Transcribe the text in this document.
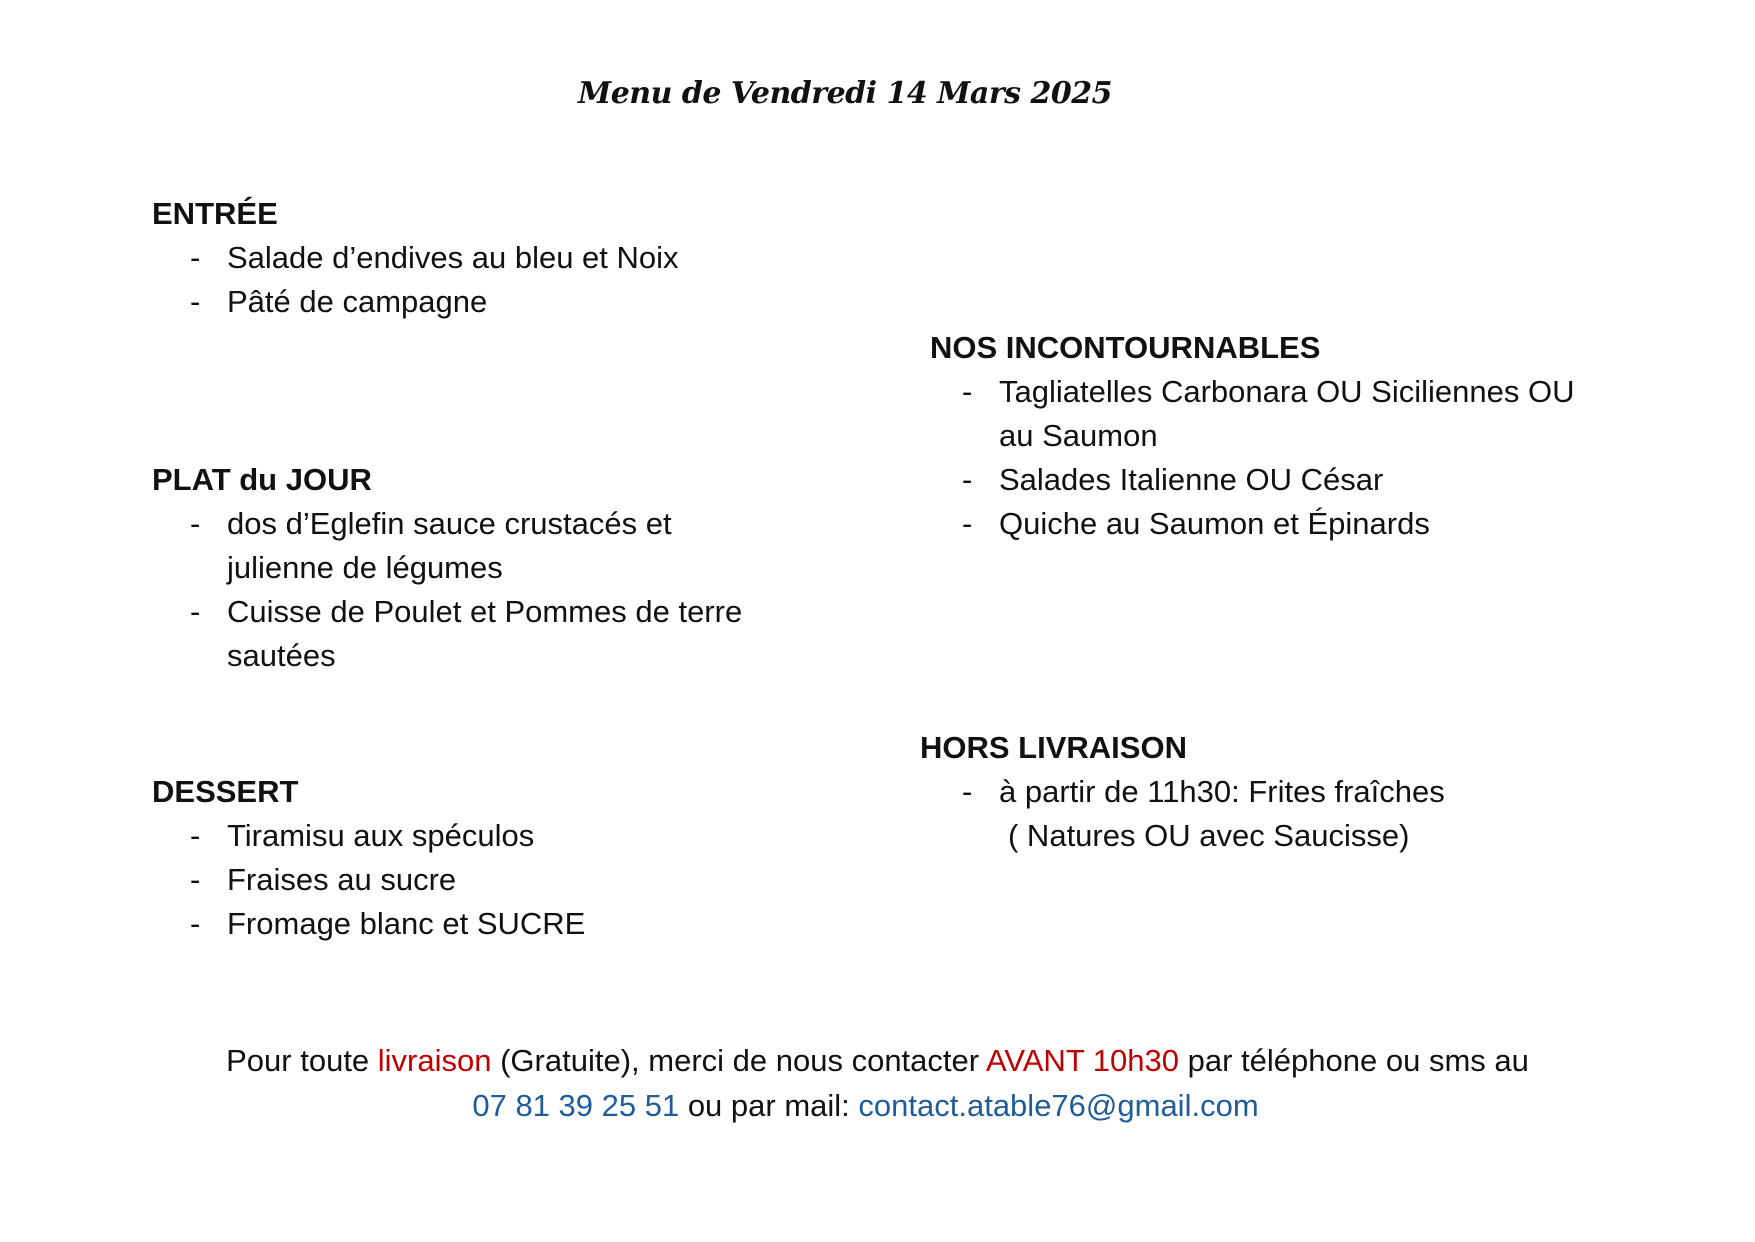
Menu de Vendredi 14 Mars 2025
ENTRÉE
- Salade d’endives au bleu et Noix
- Pâté de campagne
PLAT du JOUR
- dos d’Eglefin sauce crustacés et julienne de légumes
- Cuisse de Poulet et Pommes de terre sautées
DESSERT
- Tiramisu aux spéculos
- Fraises au sucre
- Fromage blanc et SUCRE
NOS INCONTOURNABLES
- Tagliatelles Carbonara OU Siciliennes OU au Saumon
- Salades Italienne OU César
- Quiche au Saumon et Épinards
HORS LIVRAISON
- à partir de 11h30: Frites fraîches
( Natures OU avec Saucisse)
Pour toute livraison (Gratuite), merci de nous contacter AVANT 10h30 par téléphone ou sms au
07 81 39 25 51 ou par mail: contact.atable76@gmail.com
